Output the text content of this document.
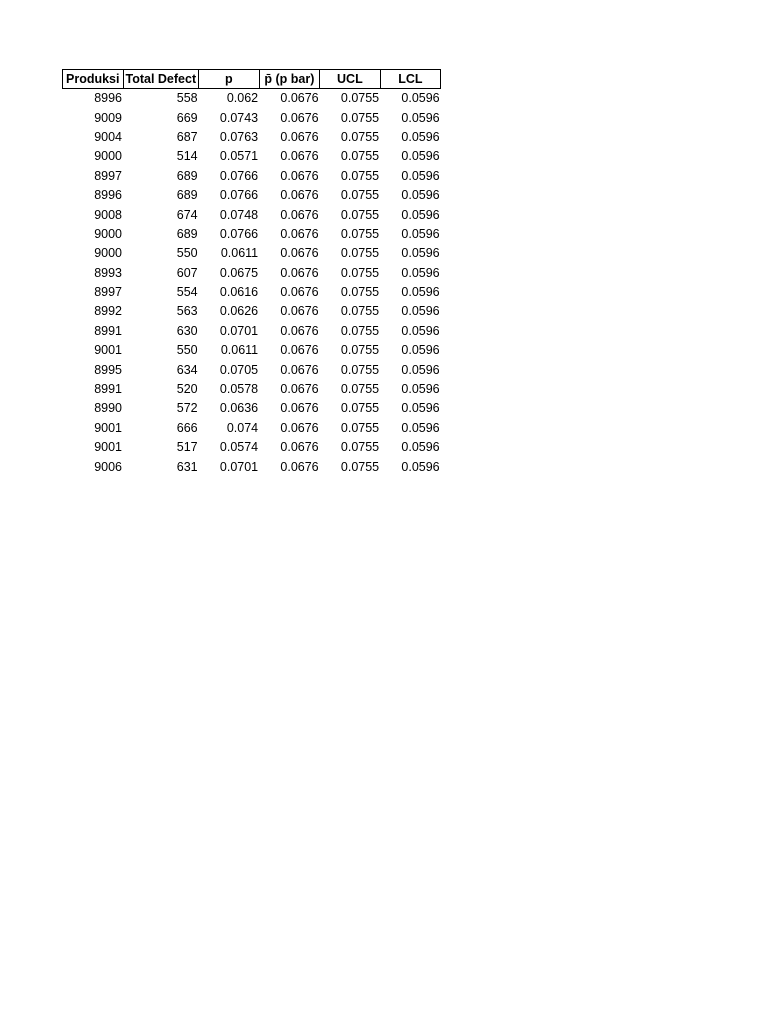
Produksi	Total Defect	p	p̄ (p bar)	UCL	LCL
8996	558	0.062	0.0676	0.0755	0.0596
9009	669	0.0743	0.0676	0.0755	0.0596
9004	687	0.0763	0.0676	0.0755	0.0596
9000	514	0.0571	0.0676	0.0755	0.0596
8997	689	0.0766	0.0676	0.0755	0.0596
8996	689	0.0766	0.0676	0.0755	0.0596
9008	674	0.0748	0.0676	0.0755	0.0596
9000	689	0.0766	0.0676	0.0755	0.0596
9000	550	0.0611	0.0676	0.0755	0.0596
8993	607	0.0675	0.0676	0.0755	0.0596
8997	554	0.0616	0.0676	0.0755	0.0596
8992	563	0.0626	0.0676	0.0755	0.0596
8991	630	0.0701	0.0676	0.0755	0.0596
9001	550	0.0611	0.0676	0.0755	0.0596
8995	634	0.0705	0.0676	0.0755	0.0596
8991	520	0.0578	0.0676	0.0755	0.0596
8990	572	0.0636	0.0676	0.0755	0.0596
9001	666	0.074	0.0676	0.0755	0.0596
9001	517	0.0574	0.0676	0.0755	0.0596
9006	631	0.0701	0.0676	0.0755	0.0596
